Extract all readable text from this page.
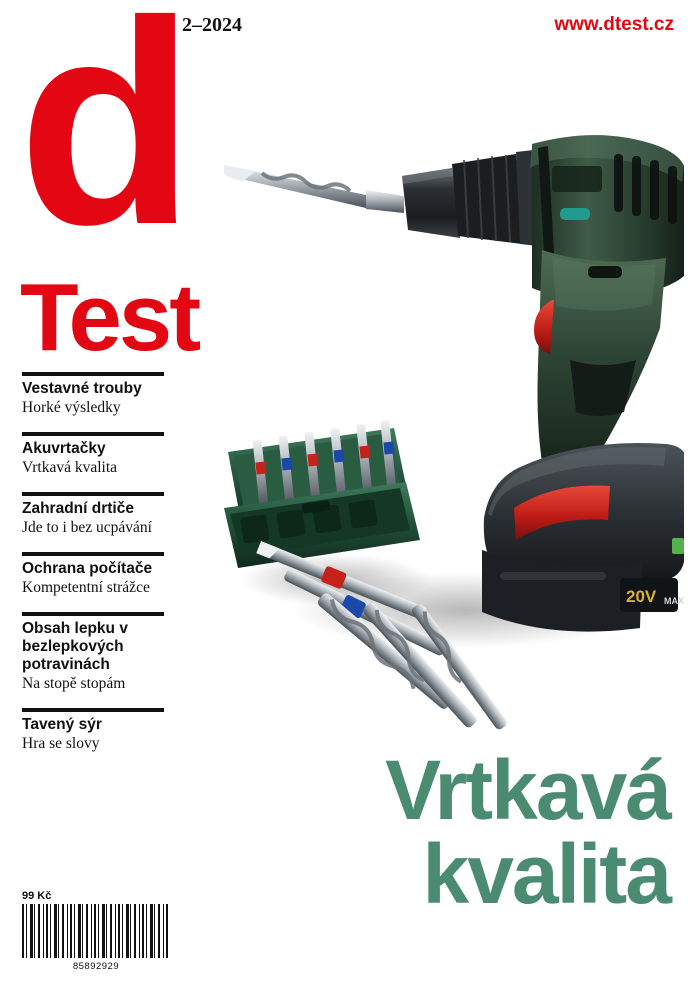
2–2024	www.dtest.cz
d
Test
20V MAX
Vestavné trouby
Horké výsledky
Akuvrtačky
Vrtkavá kvalita
Zahradní drtiče
Jde to i bez ucpávání
Ochrana počítače
Kompetentní strážce
Obsah lepku v bezlepkových potravinách
Na stopě stopám
Tavený sýr
Hra se slovy
99 Kč
85892929
Vrtkavá
kvalita
